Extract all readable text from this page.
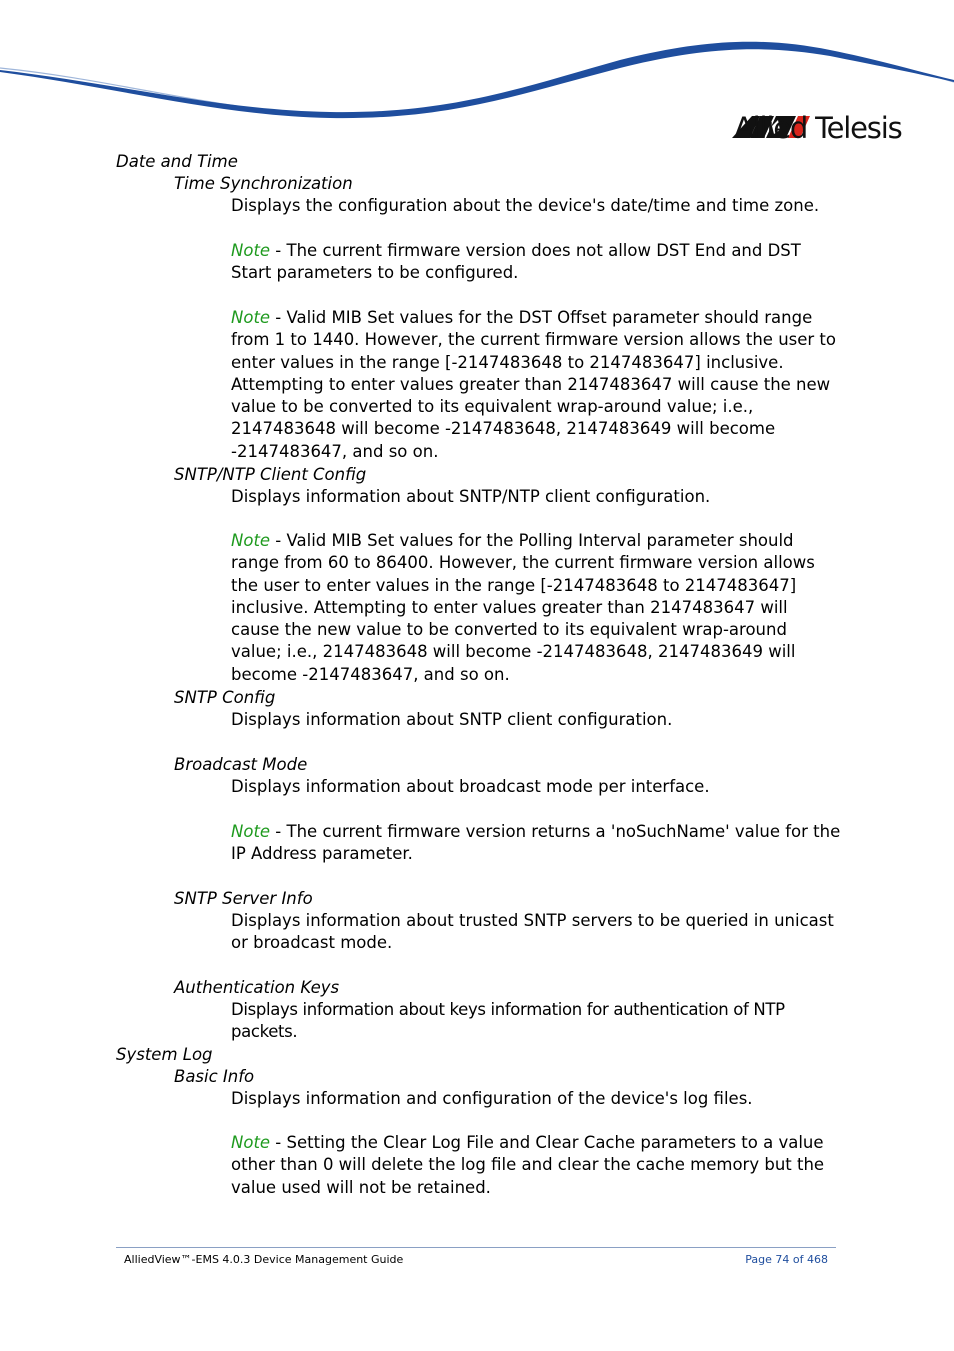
Allied Telesis
Date and Time
Time Synchronization
Displays the configuration about the device's date/time and time zone.
Note - The current firmware version does not allow DST End and DST Start parameters to be configured.
Note - Valid MIB Set values for the DST Offset parameter should range from 1 to 1440. However, the current firmware version allows the user to enter values in the range [-2147483648 to 2147483647] inclusive. Attempting to enter values greater than 2147483647 will cause the new value to be converted to its equivalent wrap-around value; i.e., 2147483648 will become -2147483648, 2147483649 will become -2147483647, and so on.
SNTP/NTP Client Config
Displays information about SNTP/NTP client configuration.
Note - Valid MIB Set values for the Polling Interval parameter should range from 60 to 86400. However, the current firmware version allows the user to enter values in the range [-2147483648 to 2147483647] inclusive. Attempting to enter values greater than 2147483647 will cause the new value to be converted to its equivalent wrap-around value; i.e., 2147483648 will become -2147483648, 2147483649 will become -2147483647, and so on.
SNTP Config
Displays information about SNTP client configuration.
Broadcast Mode
Displays information about broadcast mode per interface.
Note - The current firmware version returns a 'noSuchName' value for the IP Address parameter.
SNTP Server Info
Displays information about trusted SNTP servers to be queried in unicast or broadcast mode.
Authentication Keys
Displays information about keys information for authentication of NTP packets.
System Log
Basic Info
Displays information and configuration of the device's log files.
Note - Setting the Clear Log File and Clear Cache parameters to a value other than 0 will delete the log file and clear the cache memory but the value used will not be retained.
AlliedView™-EMS 4.0.3 Device Management Guide	Page 74 of 468
